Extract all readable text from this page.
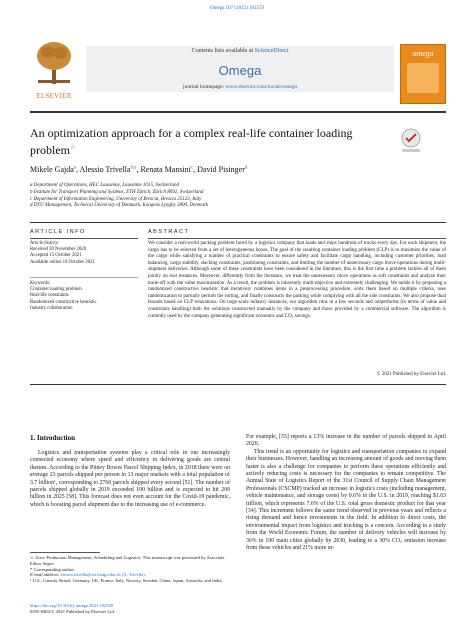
Omega 107 (2022) 102559
ELSEVIER
Contents lists available at ScienceDirect
Omega
journal homepage: www.elsevier.com/locate/omega
omega
An optimization approach for a complex real-life container loading problem☆
Mikele Gajda$^a$, Alessio Trivella$^{b,e}$, Renata Mansini$^c$, David Pisinger$^d$
a Department of Operations, HEC Lausanne, Lausanne 1015, Switzerland
b Institute for Transport Planning and Systems, ETH Zürich, Zürich 8092, Switzerland
c Department of Information Engineering, University of Brescia, Brescia 25123, Italy
d DTU Management, Technical University of Denmark, Kongens Lyngby 2800, Denmark
ARTICLE INFO	ABSTRACT
Article history:
Received 30 November 2020
Accepted 15 October 2021
Available online 18 October 2021
Keywords:
Container loading problem
Real-life constraints
Randomized constructive heuristic
Industry collaboration
We consider a real-world packing problem faced by a logistics company that loads and ships hundreds of trucks every day. For each shipment, the cargo has to be selected from a set of heterogeneous boxes. The goal of the resulting container loading problem (CLP) is to maximize the value of the cargo while satisfying a number of practical constraints to ensure safety and facilitate cargo handling, including customer priorities, load balancing, cargo stability, stacking constraints, positioning constraints, and limiting the number of unnecessary cargo move operations during multi-shipment deliveries. Although some of these constraints have been considered in the literature, this is the first time a problem tackles all of them jointly on real instances. Moreover, differently from the literature, we treat the unnecessary move operations as soft constraints and analyze their trade-off with the value maximization. As a result, the problem is inherently multi-objective and extremely challenging. We tackle it by proposing a randomized constructive heuristic that iteratively combines items in a preprocessing procedure, sorts them based on multiple criteria, uses randomization to partially perturb the sorting, and finally constructs the packing while complying with all the side constraints. We also propose dual bounds based on CLP relaxations. On large-scale industry instances, our algorithm runs in a few seconds and outperforms (in terms of value and constraints handling) both the solutions constructed manually by the company and those provided by a commercial software. The algorithm is currently used by the company generating significant economic and CO₂ savings.
© 2021 Published by Elsevier Ltd.
1. Introduction

Logistics and transportation systems play a critical role in our increasingly connected economy where speed and efficiency in delivering goods are central themes. According to the Pitney Bowes Parcel Shipping Index, in 2018 there were on average 23 parcels shipped per person in 13 major markets with a total population of 3.7 billion¹, corresponding to 2760 parcels shipped every second [51]. The number of parcels shipped globally in 2019 exceeded 100 billion and is expected to hit 200 billion in 2025 [58]. This forecast does not even account for the Covid-19 pandemic, which is boosting parcel shipment due to the increasing use of e-commerce.

For example, [55] reports a 13% increase in the number of parcels shipped in April 2020.

This trend is an opportunity for logistics and transportation companies to expand their businesses. However, handling an increasing amount of goods and moving them faster is also a challenge for companies to perform these operations efficiently and actively reducing costs is necessary for the companies to remain competitive. The Annual State of Logistics Report of the 31st Council of Supply Chain Management Professionals (CSCMP) tracked an increase in logistics costs (including management, vehicle maintenance, and storage costs) by 0.6% in the U.S. in 2019, reaching $1.63 trillion, which represents 7.6% of the U.S. total gross domestic product for that year [34]. This increment follows the same trend observed in previous years and reflects a rising demand and hence investments in the field. In addition to direct costs, the environmental impact from logistics and trucking is a concern. According to a study from the World Economic Forum, the number of delivery vehicles will increase by 36% in 100 main cities globally by 2030, leading to a 30% CO₂ emission increase from these vehicles and 21% more ur-

☆ Area: Production Management, Scheduling and Logistics. This manuscript was processed by Associate Editor Segev.
* Corresponding author.
E-mail address: alessio.trivella@ivt.baug.ethz.ch (A. Trivella).
¹ U.S., Canada, Brazil, Germany, UK, France, Italy, Norway, Sweden, China, Japan, Australia, and India.
https://doi.org/10.1016/j.omega.2021.102559
0305-0483/© 2021 Published by Elsevier Ltd.
